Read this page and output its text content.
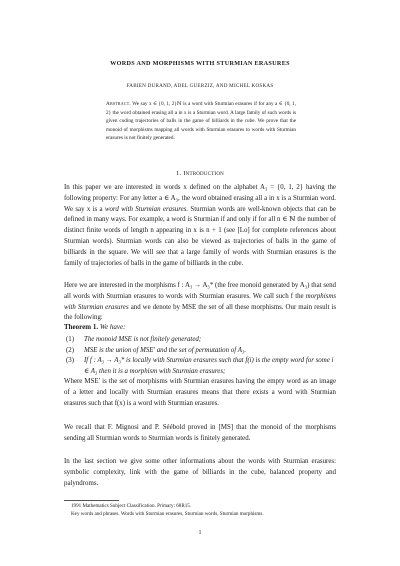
WORDS AND MORPHISMS WITH STURMIAN ERASURES
FABIEN DURAND, ADEL GUERZIZ, AND MICHEL KOSKAS
Abstract. We say x ∈ {0, 1, 2}ℕ is a word with Sturmian erasures if for any a ∈ {0, 1, 2} the word obtained erasing all a in x is a Sturmian word. A large family of such words is given coding trajectories of balls in the game of billiards in the cube. We prove that the monoid of morphisms mapping all words with Sturmian erasures to words with Sturmian erasures is not finitely generated.
1. Introduction
In this paper we are interested in words x defined on the alphabet A₃ = {0, 1, 2} having the following property: For any letter a ∈ A₃, the word obtained erasing all a in x is a Sturmian word. We say x is a word with Sturmian erasures. Sturmian words are well-known objects that can be defined in many ways. For example, a word is Sturmian if and only if for all n ∈ ℕ the number of distinct finite words of length n appearing in x is n + 1 (see [Lo] for complete references about Sturmian words). Sturmian words can also be viewed as trajectories of balls in the game of billiards in the square. We will see that a large family of words with Sturmian erasures is the family of trajectories of balls in the game of billiards in the cube.
Here we are interested in the morphisms f : A₃ → A₃* (the free monoid generated by A₃) that send all words with Sturmian erasures to words with Sturmian erasures. We call such f the morphisms with Sturmian erasures and we denote by MSE the set of all these morphisms. Our main result is the following:
Theorem 1. We have:
(1) The monoid MSE is not finitely generated;
(2) MSE is the union of MSE′ and the set of permutation of A₃.
(3) If f : A₃ → A₃* is locally with Sturmian erasures such that f(i) is the empty word for some i ∈ A₃ then it is a morphism with Sturmian erasures;
Where MSE′ is the set of morphisms with Sturmian erasures having the empty word as an image of a letter and locally with Sturmian erasures means that there exists a word with Sturmian erasures such that f(x) is a word with Sturmian erasures.
We recall that F. Mignosi and P. Séébold proved in [MS] that the monoid of the morphisms sending all Sturmian words to Sturmian words is finitely generated.
In the last section we give some other informations about the words with Sturmian erasures: symbolic complexity, link with the game of billiards in the cube, balanced property and palyndroms.
1991 Mathematics Subject Classification. Primary: 68R15.
Key words and phrases. Words with Sturmian erasures, Sturmian words, Sturmian morphisms.
1
